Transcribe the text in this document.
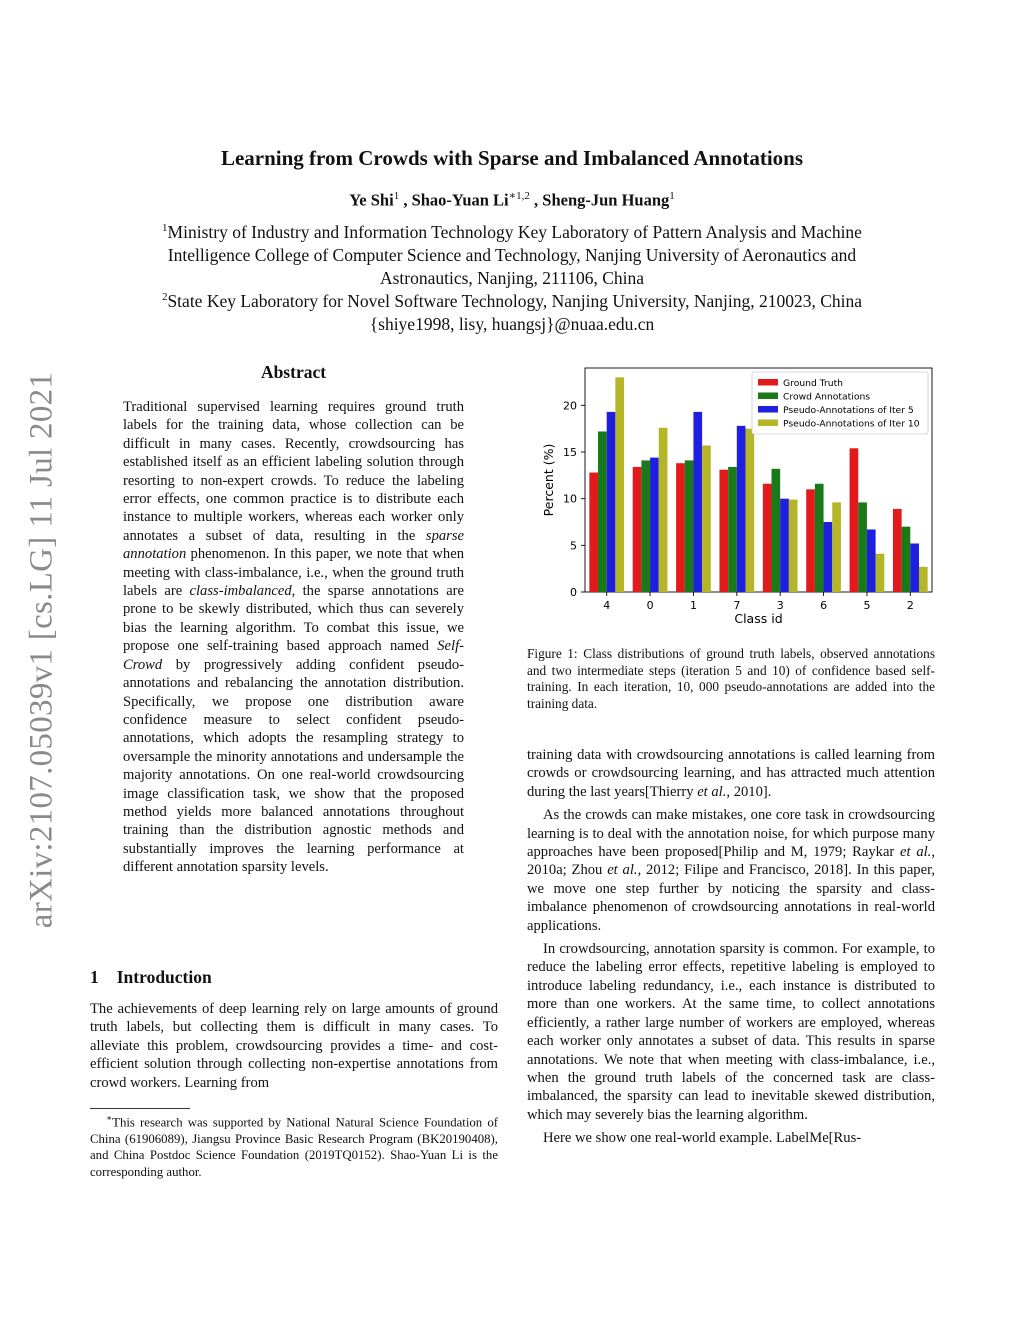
arXiv:2107.05039v1 [cs.LG] 11 Jul 2021
Learning from Crowds with Sparse and Imbalanced Annotations
Ye Shi$^1$ , Shao-Yuan $Li^{∗1,2}$ , Sheng-Jun Huang$^1$
$^1$Ministry of Industry and Information Technology Key Laboratory of Pattern Analysis and Machine
Intelligence College of Computer Science and Technology, Nanjing University of Aeronautics and
Astronautics, Nanjing, 211106, China
$^2$State Key Laboratory for Novel Software Technology, Nanjing University, Nanjing, 210023, China
{shiye1998, lisy, huangsj}@nuaa.edu.cn
Abstract
Traditional supervised learning requires ground truth labels for the training data, whose collection can be difficult in many cases. Recently, crowdsourcing has established itself as an efficient labeling solution through resorting to non-expert crowds. To reduce the labeling error effects, one common practice is to distribute each instance to multiple workers, whereas each worker only annotates a subset of data, resulting in the sparse annotation phenomenon. In this paper, we note that when meeting with class-imbalance, i.e., when the ground truth labels are class-imbalanced, the sparse annotations are prone to be skewly distributed, which thus can severely bias the learning algorithm. To combat this issue, we propose one self-training based approach named Self-Crowd by progressively adding confident pseudo-annotations and rebalancing the annotation distribution. Specifically, we propose one distribution aware confidence measure to select confident pseudo-annotations, which adopts the resampling strategy to oversample the minority annotations and undersample the majority annotations. On one real-world crowdsourcing image classification task, we show that the proposed method yields more balanced annotations throughout training than the distribution agnostic methods and substantially improves the learning performance at different annotation sparsity levels.
1 Introduction
The achievements of deep learning rely on large amounts of ground truth labels, but collecting them is difficult in many cases. To alleviate this problem, crowdsourcing provides a time- and cost-efficient solution through collecting non-expertise annotations from crowd workers. Learning from
∗This research was supported by National Natural Science Foundation of China (61906089), Jiangsu Province Basic Research Program (BK20190408), and China Postdoc Science Foundation (2019TQ0152). Shao-Yuan Li is the corresponding author.
0
5
10
15
20
4	0	1	7	3	6	5	2
Class id
Percent (%)
Ground Truth
Crowd Annotations
Pseudo-Annotations of Iter 5
Pseudo-Annotations of Iter 10
Figure 1: Class distributions of ground truth labels, observed annotations and two intermediate steps (iteration 5 and 10) of confidence based self-training. In each iteration, 10, 000 pseudo-annotations are added into the training data.

training data with crowdsourcing annotations is called learning from crowds or crowdsourcing learning, and has attracted much attention during the last years[Thierry et al., 2010].

As the crowds can make mistakes, one core task in crowdsourcing learning is to deal with the annotation noise, for which purpose many approaches have been proposed[Philip and M, 1979; Raykar et al., 2010a; Zhou et al., 2012; Filipe and Francisco, 2018]. In this paper, we move one step further by noticing the sparsity and class-imbalance phenomenon of crowdsourcing annotations in real-world applications.

In crowdsourcing, annotation sparsity is common. For example, to reduce the labeling error effects, repetitive labeling is employed to introduce labeling redundancy, i.e., each instance is distributed to more than one workers. At the same time, to collect annotations efficiently, a rather large number of workers are employed, whereas each worker only annotates a subset of data. This results in sparse annotations. We note that when meeting with class-imbalance, i.e., when the ground truth labels of the concerned task are class-imbalanced, the sparsity can lead to inevitable skewed distribution, which may severely bias the learning algorithm.

Here we show one real-world example. LabelMe[Rus-
